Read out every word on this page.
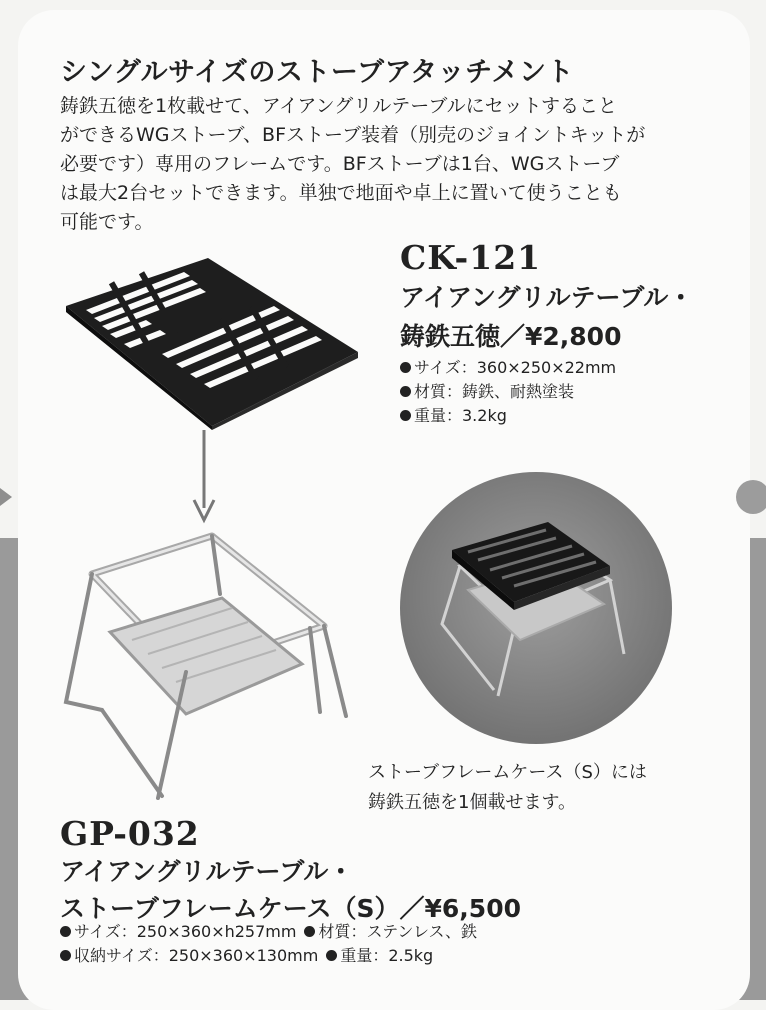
シングルサイズのストーブアタッチメント
鋳鉄五徳を1枚載せて、アイアングリルテーブルにセットすること
ができるWGストーブ、BFストーブ装着（別売のジョイントキットが
必要です）専用のフレームです。BFストーブは1台、WGストーブ
は最大2台セットできます。単独で地面や卓上に置いて使うことも
可能です。
CK-121
アイアングリルテーブル・
鋳鉄五徳／¥2,800
サイズ：360×250×22mm
材質：鋳鉄、耐熱塗装
重量：3.2kg
ストーブフレームケース（S）には
鋳鉄五徳を1個載せます。
GP-032
アイアングリルテーブル・
ストーブフレームケース（S）／¥6,500
サイズ：250×360×h257mm 材質：ステンレス、鉄
収納サイズ：250×360×130mm 重量：2.5kg
